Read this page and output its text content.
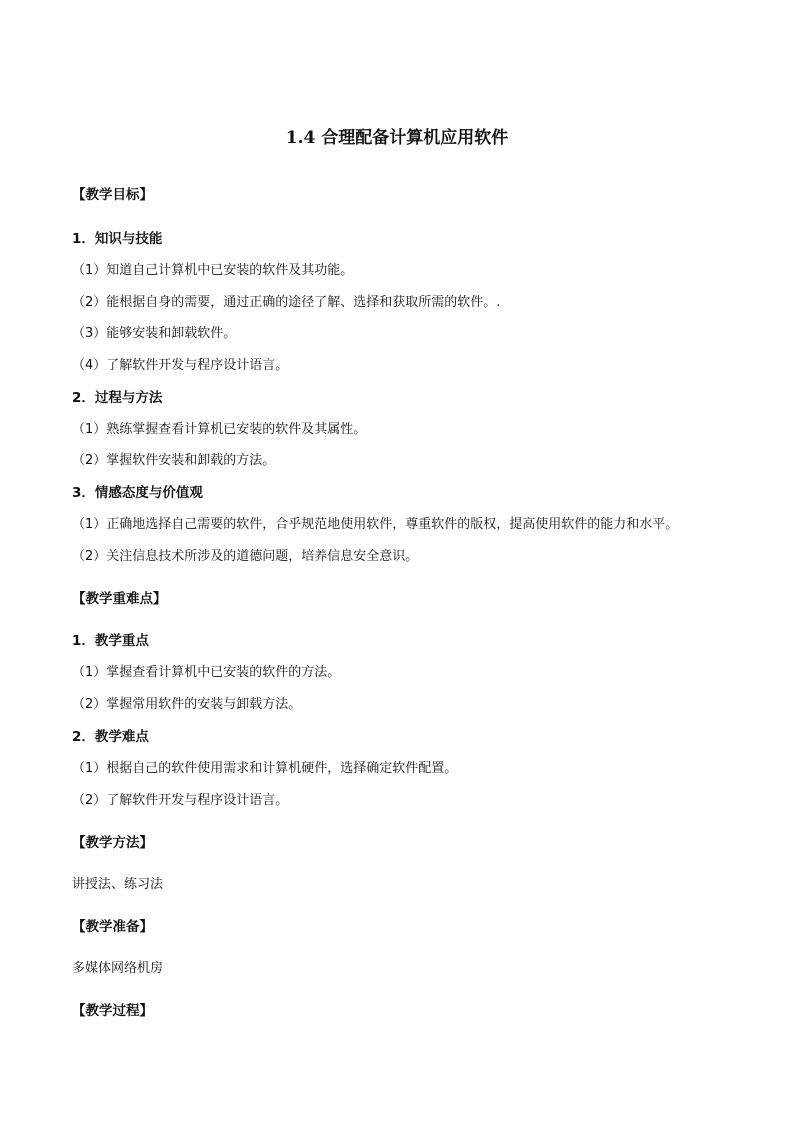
1.4 合理配备计算机应用软件
【教学目标】
1．知识与技能
（1）知道自己计算机中已安装的软件及其功能。
（2）能根据自身的需要，通过正确的途径了解、选择和获取所需的软件。.
（3）能够安装和卸载软件。
（4）了解软件开发与程序设计语言。
2．过程与方法
（1）熟练掌握查看计算机已安装的软件及其属性。
（2）掌握软件安装和卸载的方法。
3．情感态度与价值观
（1）正确地选择自己需要的软件，合乎规范地使用软件，尊重软件的版权，提高使用软件的能力和水平。
（2）关注信息技术所涉及的道德问题，培养信息安全意识。
【教学重难点】
1．教学重点
（1）掌握查看计算机中已安装的软件的方法。
（2）掌握常用软件的安装与卸载方法。
2．教学难点
（1）根据自己的软件使用需求和计算机硬件，选择确定软件配置。
（2）了解软件开发与程序设计语言。
【教学方法】
讲授法、练习法
【教学准备】
多媒体网络机房
【教学过程】
